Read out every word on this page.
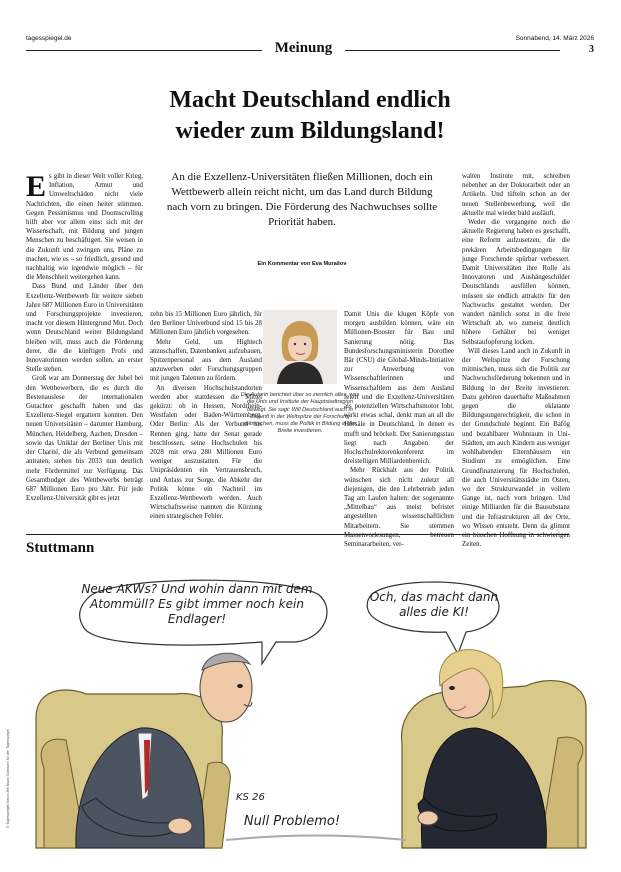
tagesspiegel.de	Sonnabend, 14. März 2026
3
Meinung
Macht Deutschland endlich
wieder zum Bildungsland!
An die Exzellenz-Universitäten fließen Millionen, doch ein Wettbewerb allein reicht nicht, um das Land durch Bildung nach vorn zu bringen. Die Förderung des Nachwuchses sollte Priorität haben.
Ein Kommentar von Eva Murašov

Es gibt in dieser Welt voller Krieg, Inflation, Armut und Umweltschäden nicht viele Nachrichten, die einen heiter stimmen. Gegen Pessimismus und Doomscrolling hilft aber vor allem eins: sich mit der Wissenschaft, mit Bildung und jungen Menschen zu beschäftigen. Sie weisen in die Zukunft und zwingen uns, Pläne zu machen, wie es – so friedlich, gesund und nachhaltig wie irgendwie möglich – für die Menschheit weitergehen kann.

Dass Bund und Länder über den Exzellenz-Wettbewerb für weitere sieben Jahre 687 Millionen Euro in Universitäten und Forschungsprojekte investieren, macht vor diesem Hintergrund Mut. Doch wenn Deutschland weiter Bildungsland bleiben will, muss auch die Förderung derer, die die künftigen Profs und Innovatorinnen werden sollen, an erster Stelle stehen.

Groß war am Donnerstag der Jubel bei den Wettbewerbern, die es durch die Bestenauslese der internationalen Gutachter geschafft haben und das Exzellenz-Siegel ergattern konnten. Den neuen Universitäten – darunter Hamburg, München, Heidelberg, Aachen, Dresden – sowie das Uniklar der Berliner Unis mit der Charité, die als Verbund gemeinsam antraten, stehen bis 2033 nun deutlich mehr Fördermittel zur Verfügung. Das Gesamtbudget des Wettbewerbs beträgt 687 Millionen Euro pro Jahr. Für jede Exzellenz-Universität gibt es jetzt

zehn bis 15 Millionen Euro jährlich, für den Berliner Univerbund sind 15 bis 28 Millionen Euro jährlich vorgesehen.

Mehr Geld, um Hightech anzuschaffen, Datenbanken aufzubauen, Spitzenpersonal aus dem Ausland anzuwerben oder Forschungsgruppen mit jungen Talenten zu fördern.

An diversen Hochschulstandorten werden aber stattdessen die Mittel gekürzt: ob in Hessen, Nordrhein-Westfalen oder Baden-Württemberg. Oder Berlin: Als der Verbund ins Rennen ging, hatte der Senat gerade beschlossen, seine Hochschulen bis 2028 mit etwa 280 Millionen Euro weniger auszustatten. Für die Unipräsidenten ein Vertrauensbruch, und Anlass zur Sorge, die Abkehr der Politik könne ein Nachteil im Exzellenz-Wettbewerb werden. Auch Wirtschaftsweise nannten die Kürzung einen strategischen Fehler.

Die Autorin berichtet über so ziemlich alles, was die Unis und Institute der Hauptstadtregion bewegt. Sie sagt: Will Deutschland auch in Zukunft in der Weltspitze der Forschung mitmischen, muss die Politik in Bildung in der Breite investieren.

Damit Unis die klugen Köpfe von morgen ausbilden können, wäre ein Millionen-Booster für Bau und Sanierung nötig. Das Bundesforschungsministerin Dorothee Bär (CSU) die Global-Minds-Initiative zur Anwerbung von Wissenschaftlerinnen und Wissenschaftlern aus dem Ausland feiert und die Exzellenz-Universitäten als potenziellen Wirtschaftsmotor lobt, wirkt etwas schal, denkt man an all die Hörsäle in Deutschland, in denen es mufft und bröckelt. Der Sanierungsstau liegt nach Angaben der Hochschulrektorenkonferenz im dreistelligen Milliardenbereich.

Mehr Rückhalt aus der Politik wünschen sich nicht zuletzt all diejenigen, die den Lehrbetrieb jeden Tag am Laufen halten: der sogenannte „Mittelbau“ aus meist befristet angestellten wissenschaftlichen Mitarbeitern. Sie stemmen Massenvorlesungen, betreuen Seminararbeiten, ver-

walten Institute mit, schreiben nebenher an der Doktorarbeit oder an Artikeln. Und tüfteln schon an der neuen Stellenbewerbung, weil die aktuelle mal wieder bald ausläuft.

Weder die vergangene noch die aktuelle Regierung haben es geschafft, eine Reform aufzusetzen, die die prekären Arbeitsbedingungen für junge Forschende spürbar verbessert. Damit Universitäten ihre Rolle als Innovatoren und Aushängeschilder Deutschlands ausfüllen können, müssen sie endlich attraktiv für den Nachwuchs gestaltet werden. Der wandert nämlich sonst in die freie Wirtschaft ab, wo zumeist deutlich höhere Gehälter bei weniger Selbstaufopferung locken.

Will dieses Land auch in Zukunft in der Weltspitze der Forschung mitmischen, muss sich die Politik zur Nachwuchsförderung bekennen und in Bildung in der Breite investieren. Dazu gehören dauerhafte Maßnahmen gegen die eklatante Bildungsungerechtigkeit, die schon in der Grundschule beginnt. Ein Bafög und bezahlbarer Wohnraum in Uni-Städten, um auch Kindern aus weniger wohlhabenden Elternhäusern ein Studium zu ermöglichen. Eine Grundfinanzierung für Hochschulen, die auch Universitätsstädte im Osten, wo der Strukturwandel in vollem Gange ist, nach vorn bringen. Und einige Milliarden für die Bausubstanz und die Infrastrukturen all der Orte, wo Wissen entsteht. Denn da glimmt ein bisschen Hoffnung in schwierigen Zeiten.

Stuttmann
Neue AKWs? Und wohin dann mit dem Atommüll? Es gibt immer noch kein Endlager!
Och, das macht dann alles die KI!
Null Problemo!
KS 26
© Tagesspiegel/ Nexon-Rel Klaus Stuttmann für den Tagesspiegel
